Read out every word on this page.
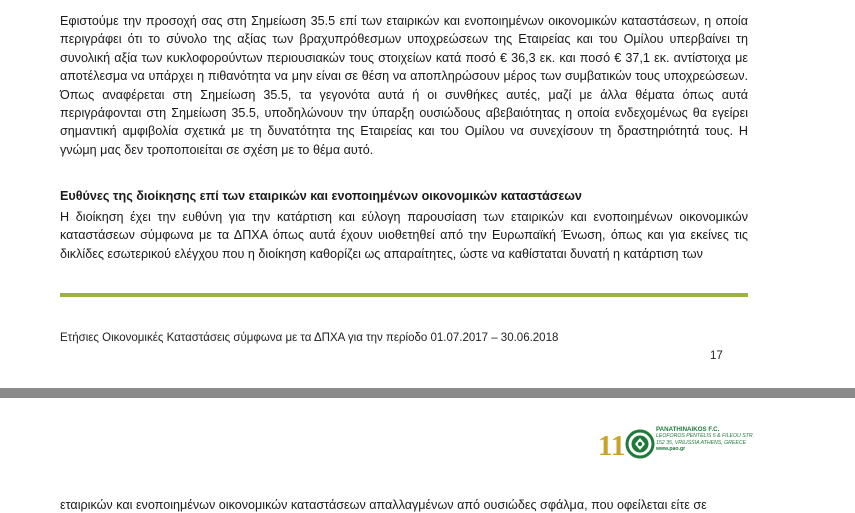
Εφιστούμε την προσοχή σας στη Σημείωση 35.5 επί των εταιρικών και ενοποιημένων οικονομικών καταστάσεων, η οποία περιγράφει ότι το σύνολο της αξίας των βραχυπρόθεσμων υποχρεώσεων της Εταιρείας και του Ομίλου υπερβαίνει τη συνολική αξία των κυκλοφορούντων περιουσιακών τους στοιχείων κατά ποσό € 36,3 εκ. και ποσό € 37,1 εκ. αντίστοιχα με αποτέλεσμα να υπάρχει η πιθανότητα να μην είναι σε θέση να αποπληρώσουν μέρος των συμβατικών τους υποχρεώσεων. Όπως αναφέρεται στη Σημείωση 35.5, τα γεγονότα αυτά ή οι συνθήκες αυτές, μαζί με άλλα θέματα όπως αυτά περιγράφονται στη Σημείωση 35.5, υποδηλώνουν την ύπαρξη ουσιώδους αβεβαιότητας η οποία ενδεχομένως θα εγείρει σημαντική αμφιβολία σχετικά με τη δυνατότητα της Εταιρείας και του Ομίλου να συνεχίσουν τη δραστηριότητά τους. Η γνώμη μας δεν τροποποιείται σε σχέση με το θέμα αυτό.

Ευθύνες της διοίκησης επί των εταιρικών και ενοποιημένων οικονομικών καταστάσεων

Η διοίκηση έχει την ευθύνη για την κατάρτιση και εύλογη παρουσίαση των εταιρικών και ενοποιημένων οικονομικών καταστάσεων σύμφωνα με τα ΔΠΧΑ όπως αυτά έχουν υιοθετηθεί από την Ευρωπαϊκή Ένωση, όπως και για εκείνες τις δικλίδες εσωτερικού ελέγχου που η διοίκηση καθορίζει ως απαραίτητες, ώστε να καθίσταται δυνατή η κατάρτιση των

Ετήσιες Οικονομικές Καταστάσεις σύμφωνα με τα ΔΠΧΑ για την περίοδο 01.07.2017 – 30.06.2018
17
11
PANATHINAIKOS F.C.
LEOFOROS PENTELIS 5 & FILEOU STR.
152 35, VRILISSIA ATHENS, GREECE
www.pao.gr

εταιρικών και ενοποιημένων οικονομικών καταστάσεων απαλλαγμένων από ουσιώδες σφάλμα, που οφείλεται είτε σε
